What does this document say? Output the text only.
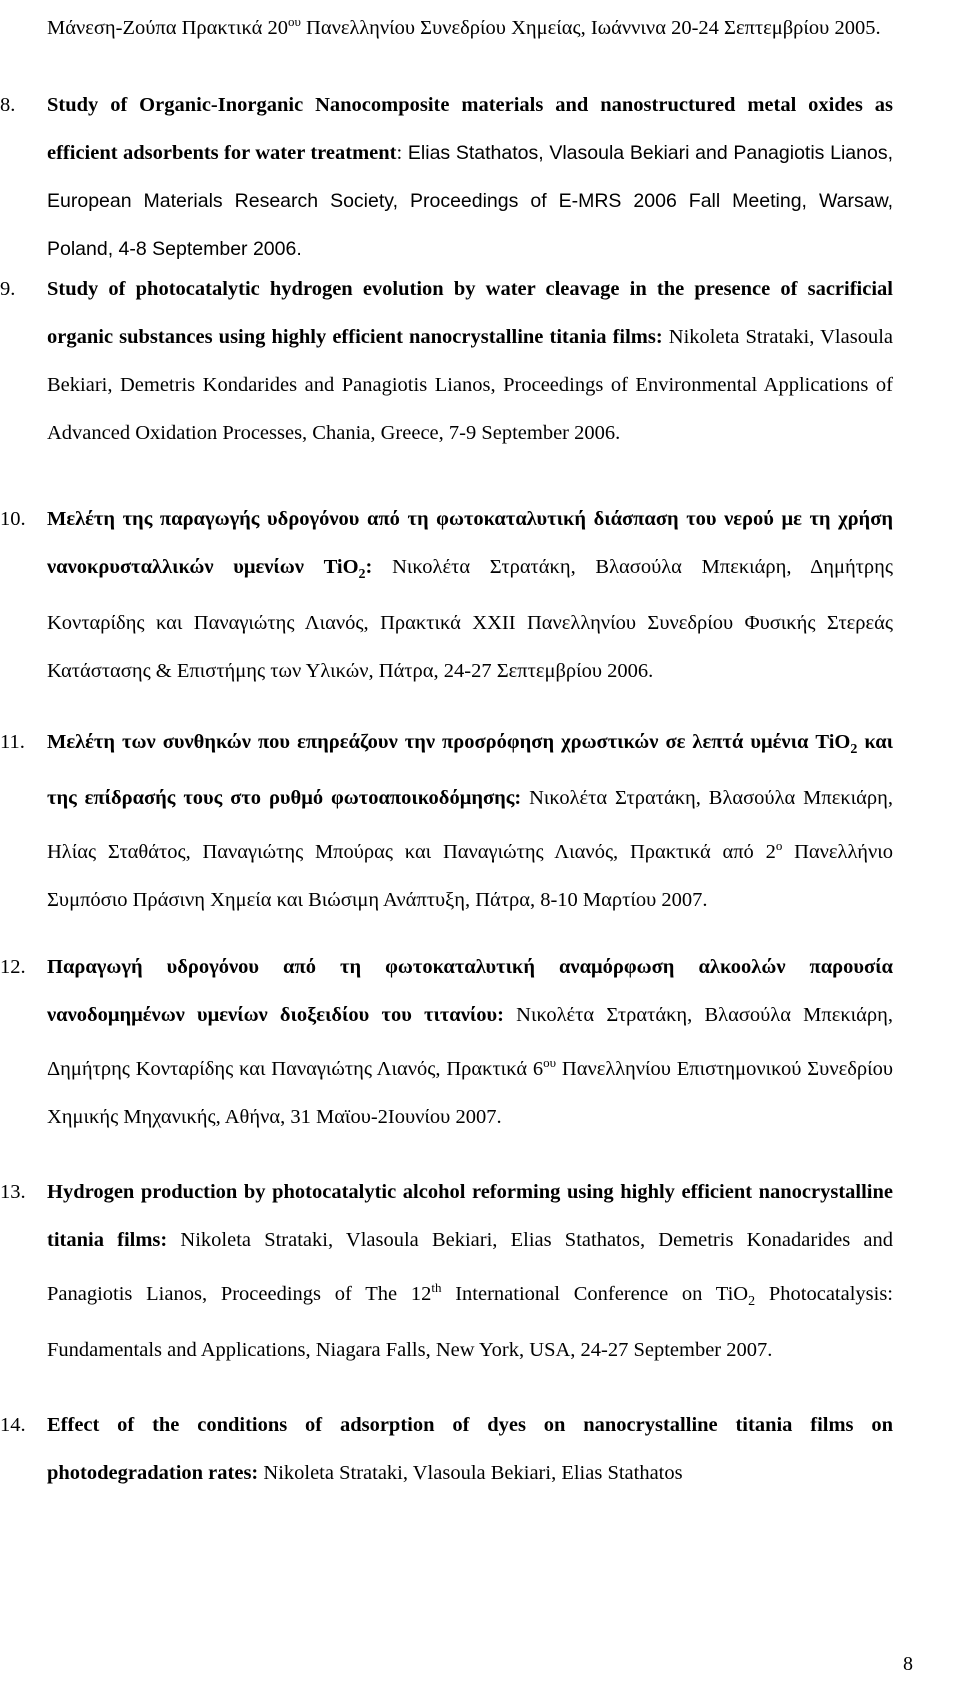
Μάνεση-Ζούπα Πρακτικά $20^{o\upsilon}$ Πανελληνίου Συνεδρίου Χημείας, Ιωάννινα 20-24 Σεπτεμβρίου 2005.
8. Study of Organic-Inorganic Nanocomposite materials and nanostructured metal oxides as efficient adsorbents for water treatment: Elias Stathatos, Vlasoula Bekiari and Panagiotis Lianos, European Materials Research Society, Proceedings of E-MRS 2006 Fall Meeting, Warsaw, Poland, 4-8 September 2006.
9. Study of photocatalytic hydrogen evolution by water cleavage in the presence of sacrificial organic substances using highly efficient nanocrystalline titania films: Nikoleta Strataki, Vlasoula Bekiari, Demetris Kondarides and Panagiotis Lianos, Proceedings of Environmental Applications of Advanced Oxidation Processes, Chania, Greece, 7-9 September 2006.
10. Μελέτη της παραγωγής υδρογόνου από τη φωτοκαταλυτική διάσπαση του νερού με τη χρήση νανοκρυσταλλικών υμενίων TiO$_2$: Νικολέτα Στρατάκη, Βλασούλα Μπεκιάρη, Δημήτρης Κονταρίδης και Παναγιώτης Λιανός, Πρακτικά XXII Πανελληνίου Συνεδρίου Φυσικής Στερεάς Κατάστασης & Επιστήμης των Υλικών, Πάτρα, 24-27 Σεπτεμβρίου 2006.
11. Μελέτη των συνθηκών που επηρεάζουν την προσρόφηση χρωστικών σε λεπτά υμένια TiO$_2$ και της επίδρασής τους στο ρυθμό φωτοαποικοδόμησης: Νικολέτα Στρατάκη, Βλασούλα Μπεκιάρη, Ηλίας Σταθάτος, Παναγιώτης Μπούρας και Παναγιώτης Λιανός, Πρακτικά από $2^o$ Πανελλήνιο Συμπόσιο Πράσινη Χημεία και Βιώσιμη Ανάπτυξη, Πάτρα, 8-10 Μαρτίου 2007.
12. Παραγωγή υδρογόνου από τη φωτοκαταλυτική αναμόρφωση αλκοολών παρουσία νανοδομημένων υμενίων διοξειδίου του τιτανίου: Νικολέτα Στρατάκη, Βλασούλα Μπεκιάρη, Δημήτρης Κονταρίδης και Παναγιώτης Λιανός, Πρακτικά $6^{o\upsilon}$ Πανελληνίου Επιστημονικού Συνεδρίου Χημικής Μηχανικής, Αθήνα, 31 Μαϊου-2Ιουνίου 2007.
13. Hydrogen production by photocatalytic alcohol reforming using highly efficient nanocrystalline titania films: Nikoleta Strataki, Vlasoula Bekiari, Elias Stathatos, Demetris Konadarides and Panagiotis Lianos, Proceedings of The 12th International Conference on TiO$_2$ Photocatalysis: Fundamentals and Applications, Niagara Falls, New York, USA, 24-27 September 2007.
14. Effect of the conditions of adsorption of dyes on nanocrystalline titania films on photodegradation rates: Nikoleta Strataki, Vlasoula Bekiari, Elias Stathatos
8
